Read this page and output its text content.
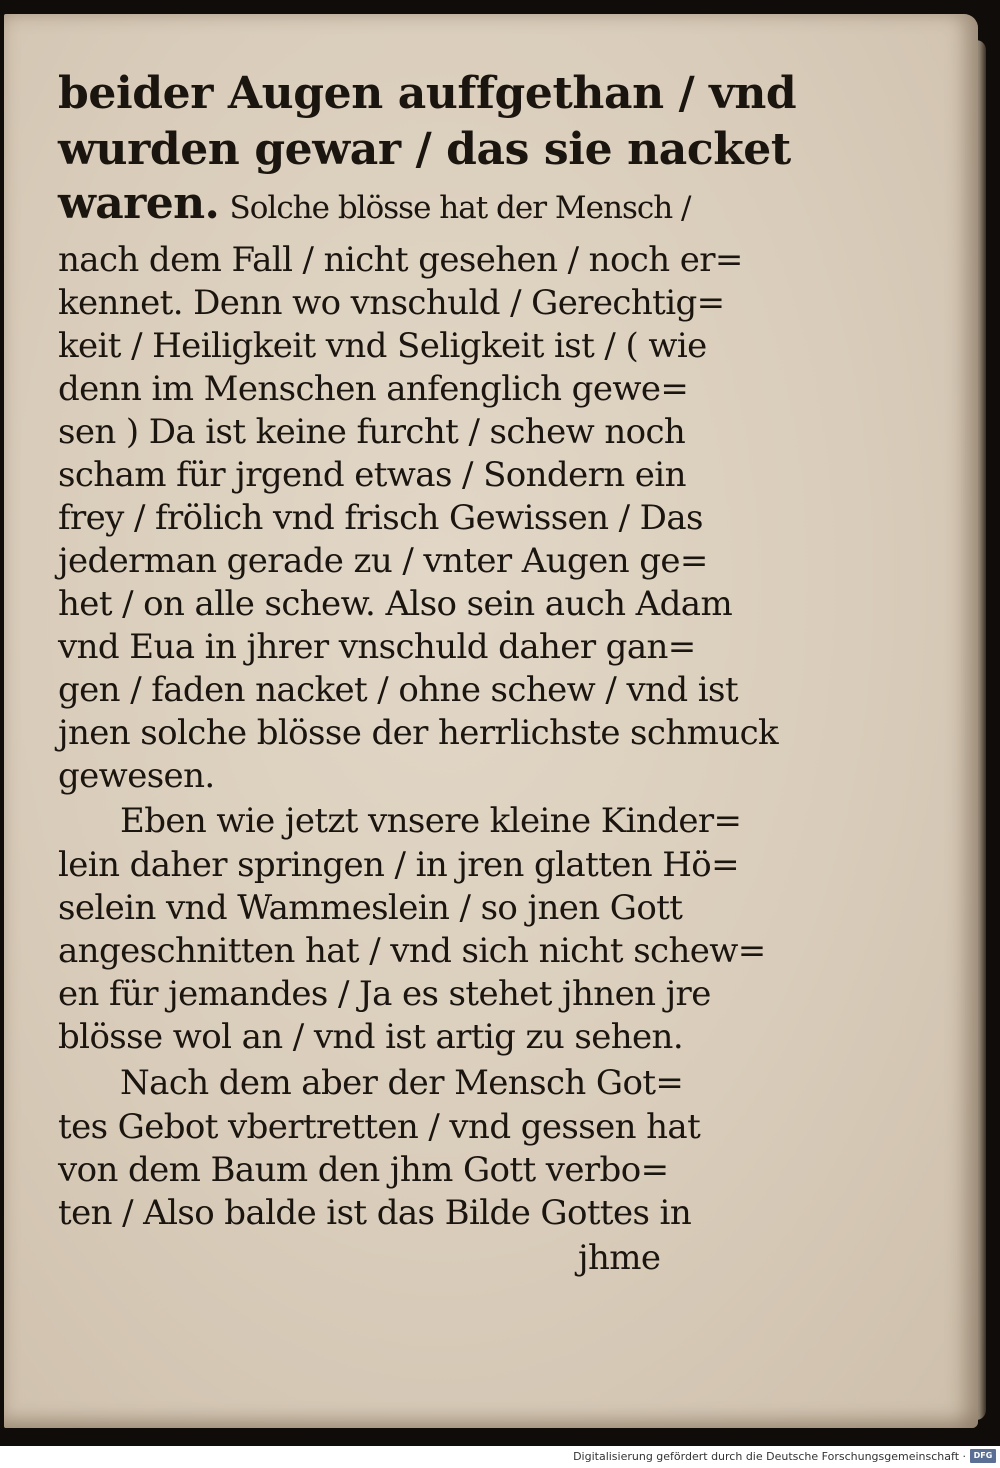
beider Augen auffgethan / vnd
wurden gewar / das sie nacket
waren. Solche blösse hat der Mensch /
nach dem Fall / nicht gesehen / noch er=
kennet. Denn wo vnschuld / Gerechtig=
keit / Heiligkeit vnd Seligkeit ist / ( wie
denn im Menschen anfenglich gewe=
sen ) Da ist keine furcht / schew noch
scham für jrgend etwas / Sondern ein
frey / frölich vnd frisch Gewissen / Das
jederman gerade zu / vnter Augen ge=
het / on alle schew. Also sein auch Adam
vnd Eua in jhrer vnschuld daher gan=
gen / faden nacket / ohne schew / vnd ist
jnen solche blösse der herrlichste schmuck
gewesen.
Eben wie jetzt vnsere kleine Kinder=
lein daher springen / in jren glatten Hö=
selein vnd Wammeslein / so jnen Gott
angeschnitten hat / vnd sich nicht schew=
en für jemandes / Ja es stehet jhnen jre
blösse wol an / vnd ist artig zu sehen.
Nach dem aber der Mensch Got=
tes Gebot vbertretten / vnd gessen hat
von dem Baum den jhm Gott verbo=
ten / Also balde ist das Bilde Gottes in
jhme
Digitalisierung gefördert durch die Deutsche Forschungsgemeinschaft · DFG
